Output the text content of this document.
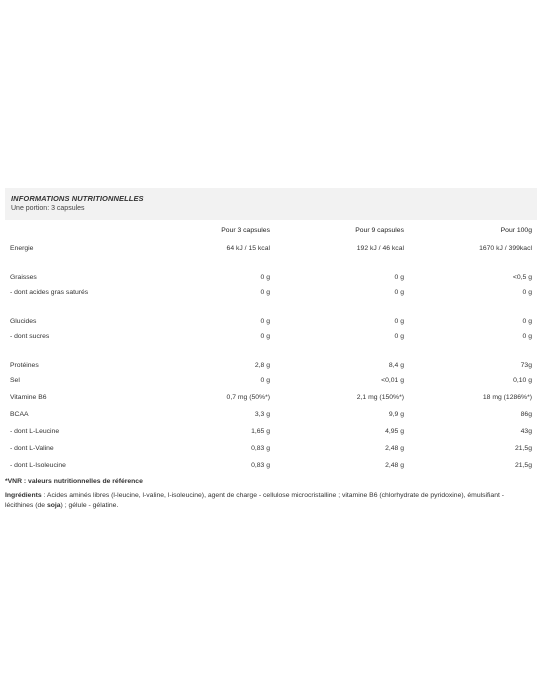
INFORMATIONS NUTRITIONNELLES
Une portion: 3 capsules
	Pour 3 capsules	Pour 9 capsules	Pour 100g
Energie	64 kJ / 15 kcal	192 kJ / 46 kcal	1670 kJ / 399kacl
Graisses	0 g	0 g	<0,5 g
- dont acides gras saturés	0 g	0 g	0 g
Glucides	0 g	0 g	0 g
- dont sucres	0 g	0 g	0 g
Protéines	2,8 g	8,4 g	73g
Sel	0 g	<0,01 g	0,10 g
Vitamine B6	0,7 mg (50%*)	2,1 mg (150%*)	18 mg (1286%*)
BCAA	3,3 g	9,9 g	86g
- dont L-Leucine	1,65 g	4,95 g	43g
- dont L-Valine	0,83 g	2,48 g	21,5g
- dont L-Isoleucine	0,83 g	2,48 g	21,5g
*VNR : valeurs nutritionnelles de référence
Ingrédients : Acides aminés libres (l-leucine, l-valine, l-isoleucine), agent de charge - cellulose microcristalline ; vitamine B6 (chlorhydrate de pyridoxine), émulsifiant - lécithines (de soja) ; gélule - gélatine.
